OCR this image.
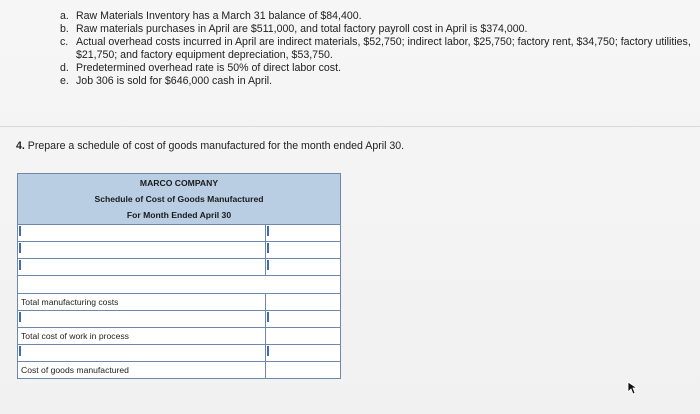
a. Raw Materials Inventory has a March 31 balance of $84,400.
b. Raw materials purchases in April are $511,000, and total factory payroll cost in April is $374,000.
c. Actual overhead costs incurred in April are indirect materials, $52,750; indirect labor, $25,750; factory rent, $34,750; factory utilities, $21,750; and factory equipment depreciation, $53,750.
d. Predetermined overhead rate is 50% of direct labor cost.
e. Job 306 is sold for $646,000 cash in April.
4. Prepare a schedule of cost of goods manufactured for the month ended April 30.
MARCO COMPANY
Schedule of Cost of Goods Manufactured
For Month Ended April 30
Total manufacturing costs
Total cost of work in process
Cost of goods manufactured
